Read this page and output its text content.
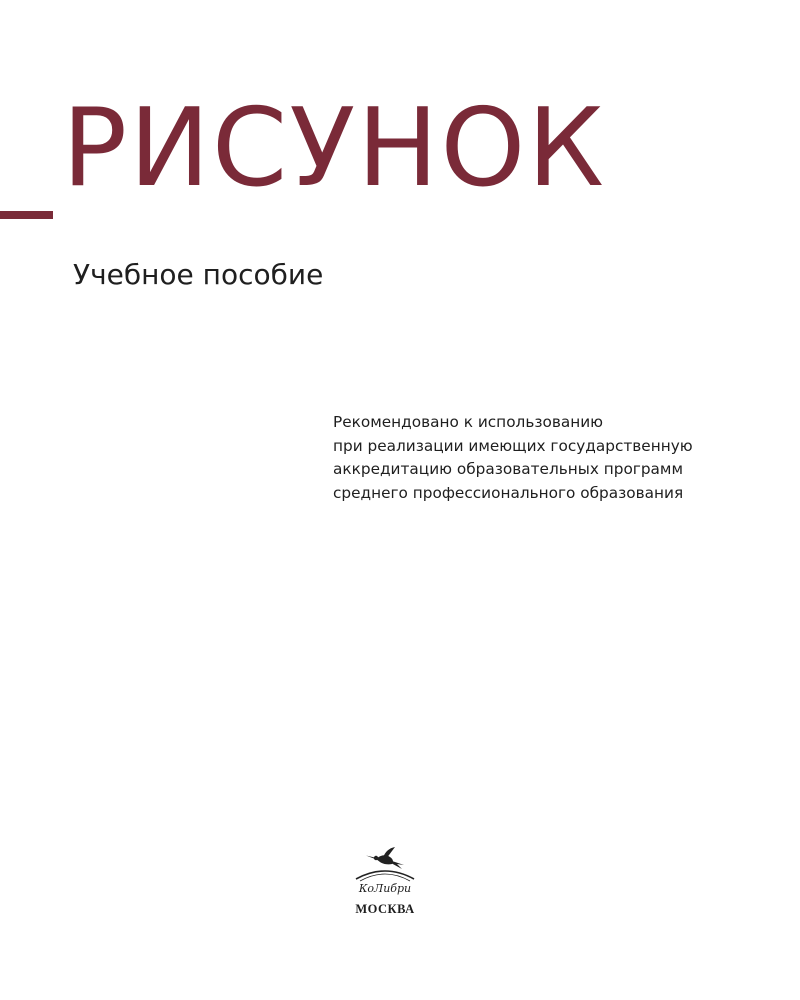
РИСУНОК
Учебное пособие
Рекомендовано к использованию
при реализации имеющих государственную
аккредитацию образовательных программ
среднего профессионального образования
КоЛибри
МОСКВА
